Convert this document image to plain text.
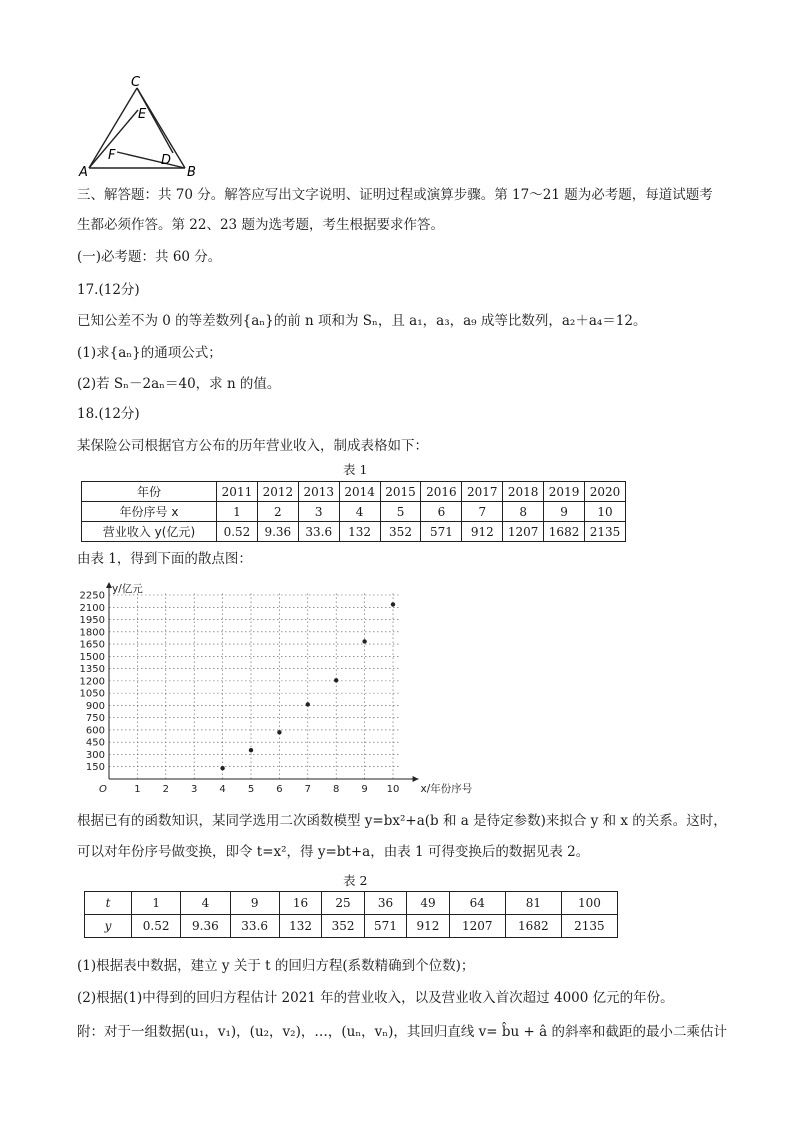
C
E
F	D
A	B
三、解答题：共 70 分。解答应写出文字说明、证明过程或演算步骤。第 17～21 题为必考题，每道试题考
生都必须作答。第 22、23 题为选考题，考生根据要求作答。
(一)必考题：共 60 分。
17.(12分)
已知公差不为 0 的等差数列{aₙ}的前 n 项和为 Sₙ，且 a₁，a₃，a₉ 成等比数列，a₂＋a₄＝12。
(1)求{aₙ}的通项公式；
(2)若 Sₙ－2aₙ＝40，求 n 的值。
18.(12分)
某保险公司根据官方公布的历年营业收入，制成表格如下：
表 1
年份	2011	2012	2013	2014	2015	2016	2017	2018	2019	2020
年份序号 x	1	2	3	4	5	6	7	8	9	10
营业收入 y(亿元)	0.52	9.36	33.6	132	352	571	912	1207	1682	2135
由表 1，得到下面的散点图：
150
300
450
600
750
900
1050
1200
1350
1500
1650
1800
1950
2100
2250
1 2 3 4 5 6 7 8 9 10
O
y/亿元
x/年份序号
根据已有的函数知识，某同学选用二次函数模型 y=bx²+a(b 和 a 是待定参数)来拟合 y 和 x 的关系。这时，
可以对年份序号做变换，即令 t=x²，得 y=bt+a，由表 1 可得变换后的数据见表 2。
表 2
t	1	4	9	16	25	36	49	64	81	100
y	0.52	9.36	33.6	132	352	571	912	1207	1682	2135
(1)根据表中数据，建立 y 关于 t 的回归方程(系数精确到个位数)；
(2)根据(1)中得到的回归方程估计 2021 年的营业收入，以及营业收入首次超过 4000 亿元的年份。
附：对于一组数据(u₁，v₁)，(u₂，v₂)，…，(uₙ，vₙ)，其回归直线 v= b̂u + â 的斜率和截距的最小二乘估计
